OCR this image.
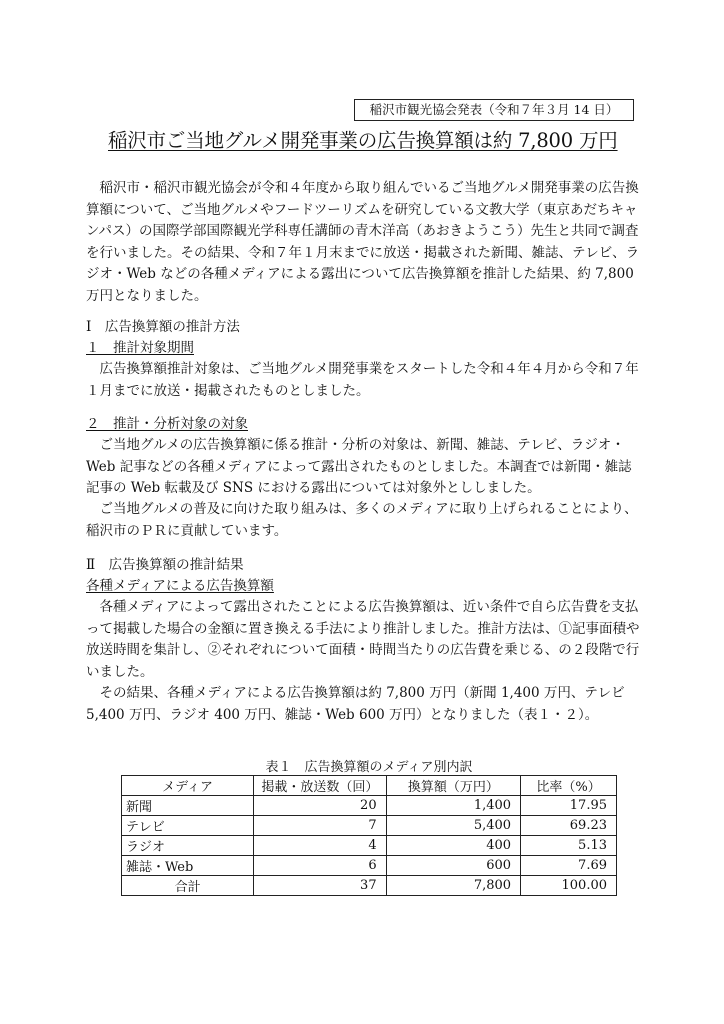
稲沢市観光協会発表（令和７年３月 14 日）
稲沢市ご当地グルメ開発事業の広告換算額は約 7,800 万円
稲沢市・稲沢市観光協会が令和４年度から取り組んでいるご当地グルメ開発事業の広告換算額について、ご当地グルメやフードツーリズムを研究している文教大学（東京あだちキャンパス）の国際学部国際観光学科専任講師の青木洋高（あおきようこう）先生と共同で調査を行いました。その結果、令和７年１月末までに放送・掲載された新聞、雑誌、テレビ、ラジオ・Web などの各種メディアによる露出について広告換算額を推計した結果、約 7,800 万円となりました。
Ⅰ　広告換算額の推計方法
１　推計対象期間
広告換算額推計対象は、ご当地グルメ開発事業をスタートした令和４年４月から令和７年１月までに放送・掲載されたものとしました。
２　推計・分析対象の対象
ご当地グルメの広告換算額に係る推計・分析の対象は、新聞、雑誌、テレビ、ラジオ・Web 記事などの各種メディアによって露出されたものとしました。本調査では新聞・雑誌記事の Web 転載及び SNS における露出については対象外とししました。
ご当地グルメの普及に向けた取り組みは、多くのメディアに取り上げられることにより、稲沢市のＰＲに貢献しています。
Ⅱ　広告換算額の推計結果
各種メディアによる広告換算額
各種メディアによって露出されたことによる広告換算額は、近い条件で自ら広告費を支払って掲載した場合の金額に置き換える手法により推計しました。推計方法は、①記事面積や放送時間を集計し、②それぞれについて面積・時間当たりの広告費を乗じる、の２段階で行いました。
その結果、各種メディアによる広告換算額は約 7,800 万円（新聞 1,400 万円、テレビ 5,400 万円、ラジオ 400 万円、雑誌・Web 600 万円）となりました（表１・２）。
表１　広告換算額のメディア別内訳
メディア	掲載・放送数（回）	換算額（万円）	比率（%）
新聞	20	1,400	17.95
テレビ	7	5,400	69.23
ラジオ	4	400	5.13
雑誌・Web	6	600	7.69
合計	37	7,800	100.00
